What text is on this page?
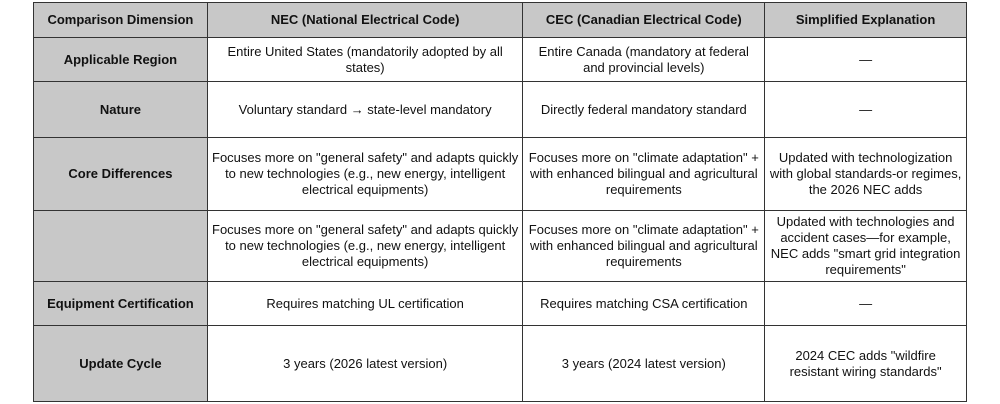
Comparison Dimension	NEC (National Electrical Code)	CEC (Canadian Electrical Code)	Simplified Explanation
Applicable Region	Entire United States (mandatorily adopted by all states)	Entire Canada (mandatory at federal and provincial levels)	—
Nature	Voluntary standard → state-level mandatory	Directly federal mandatory standard	—
Core Differences	Focuses more on "general safety" and adapts quickly to new technologies (e.g., new energy, intelligent electrical equipments)	Focuses more on "climate adaptation" + with enhanced bilingual and agricultural requirements	Updated with technologization with global standards-or regimes, the 2026 NEC adds
	Focuses more on "general safety" and adapts quickly to new technologies (e.g., new energy, intelligent electrical equipments)	Focuses more on "climate adaptation" + with enhanced bilingual and agricultural requirements	Updated with technologies and accident cases—for example, NEC adds "smart grid integration requirements"
Equipment Certification	Requires matching UL certification	Requires matching CSA certification	—
Update Cycle	3 years (2026 latest version)	3 years (2024 latest version)	2024 CEC adds "wildfire resistant wiring standards"
